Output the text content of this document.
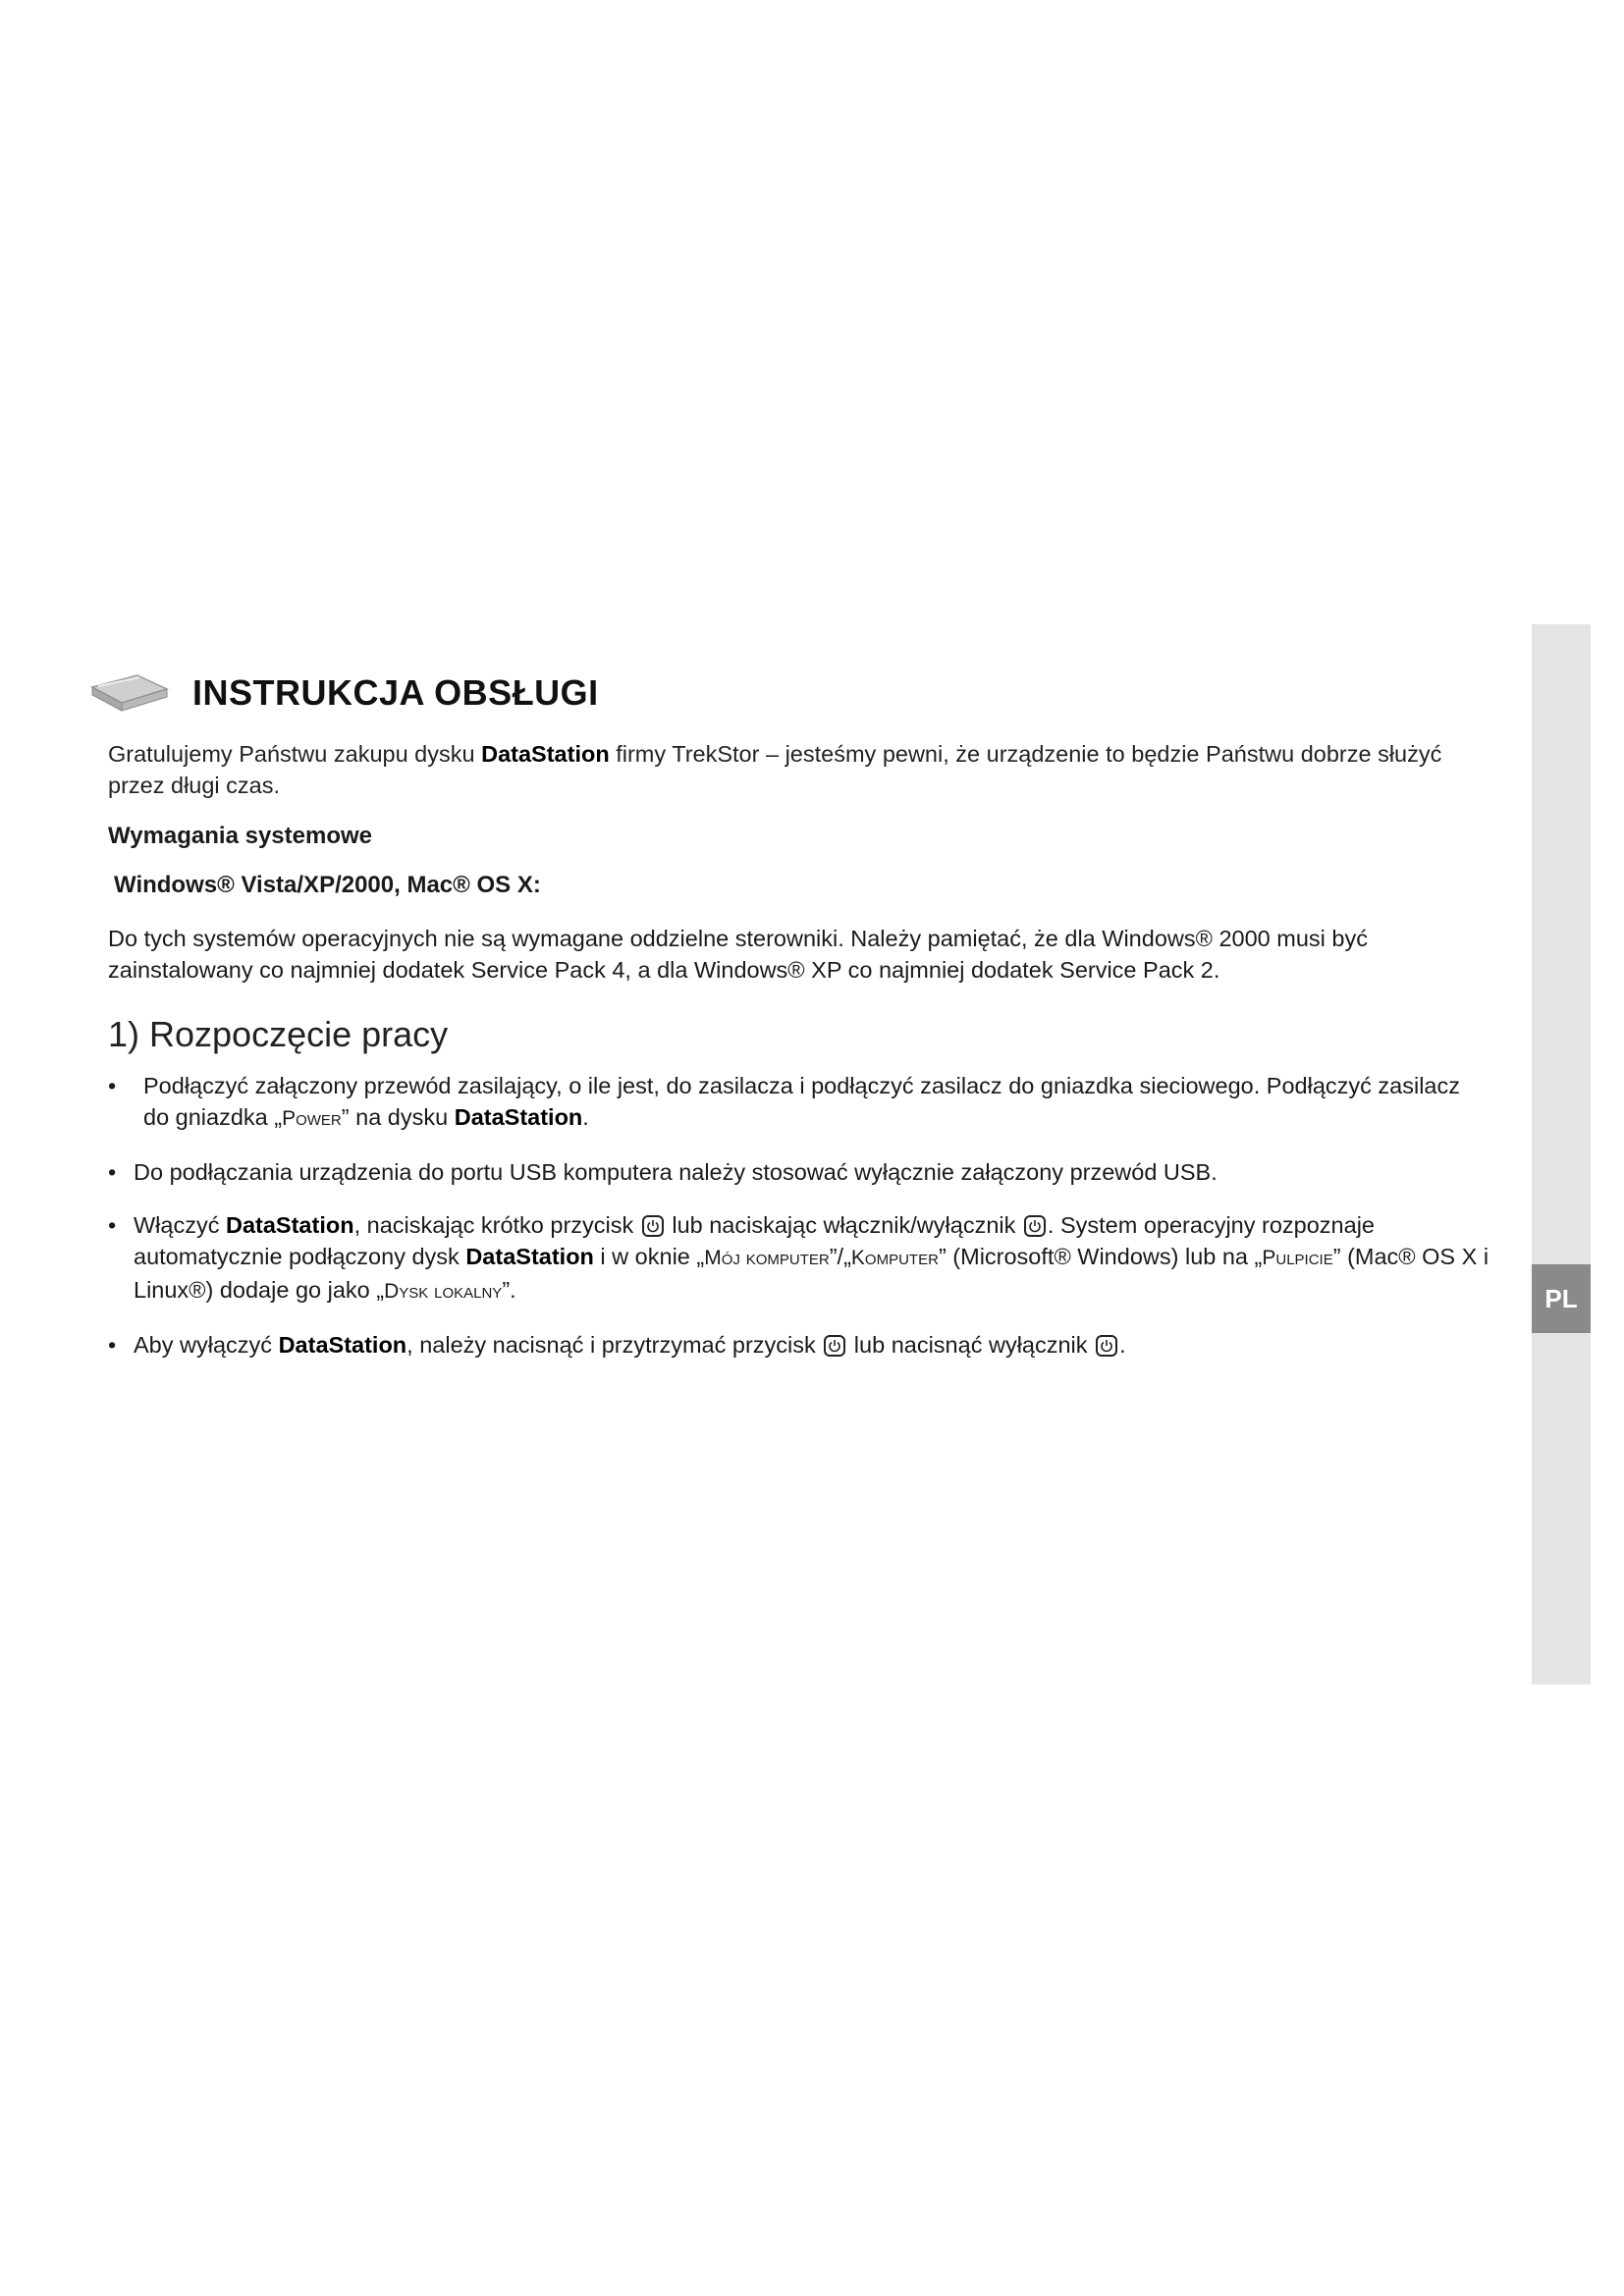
PL
INSTRUKCJA OBSŁUGI

Gratulujemy Państwu zakupu dysku DataStation firmy TrekStor – jesteśmy pewni, że urządzenie to będzie Państwu dobrze służyć przez długi czas.

Wymagania systemowe

Windows® Vista/XP/2000, Mac® OS X:

Do tych systemów operacyjnych nie są wymagane oddzielne sterowniki. Należy pamiętać, że dla Windows® 2000 musi być zainstalowany co najmniej dodatek Service Pack 4, a dla Windows® XP co najmniej dodatek Service Pack 2.

1) Rozpoczęcie pracy

• Podłączyć załączony przewód zasilający, o ile jest, do zasilacza i podłączyć zasilacz do gniazdka sieciowego. Podłączyć zasilacz
do gniazdka „Power” na dysku DataStation.
• Do podłączania urządzenia do portu USB komputera należy stosować wyłącznie załączony przewód USB.
• Włączyć DataStation, naciskając krótko przycisk
lub naciskając włącznik/wyłącznik
. System operacyjny rozpoznaje automatycznie podłączony dysk DataStation i w oknie „Mój komputer”/„Komputer” (Microsoft® Windows) lub na „Pulpicie” (Mac® OS X i Linux®) dodaje go jako „Dysk lokalny”.
• Aby wyłączyć DataStation, należy nacisnąć i przytrzymać przycisk
lub nacisnąć wyłącznik
.
